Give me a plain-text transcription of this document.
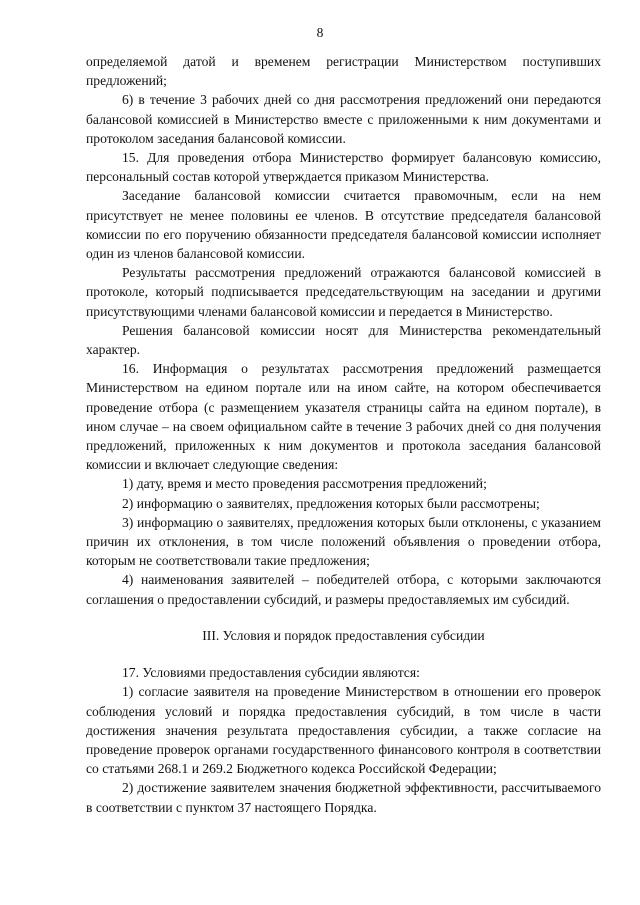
8

определяемой датой и временем регистрации Министерством поступивших предложений;

6) в течение 3 рабочих дней со дня рассмотрения предложений они передаются балансовой комиссией в Министерство вместе с приложенными к ним документами и протоколом заседания балансовой комиссии.

15. Для проведения отбора Министерство формирует балансовую комиссию, персональный состав которой утверждается приказом Министерства.

Заседание балансовой комиссии считается правомочным, если на нем присутствует не менее половины ее членов. В отсутствие председателя балансовой комиссии по его поручению обязанности председателя балансовой комиссии исполняет один из членов балансовой комиссии.

Результаты рассмотрения предложений отражаются балансовой комиссией в протоколе, который подписывается председательствующим на заседании и другими присутствующими членами балансовой комиссии и передается в Министерство.

Решения балансовой комиссии носят для Министерства рекомендательный характер.

16. Информация о результатах рассмотрения предложений размещается Министерством на едином портале или на ином сайте, на котором обеспечивается проведение отбора (с размещением указателя страницы сайта на едином портале), в ином случае – на своем официальном сайте в течение 3 рабочих дней со дня получения предложений, приложенных к ним документов и протокола заседания балансовой комиссии и включает следующие сведения:

1) дату, время и место проведения рассмотрения предложений;

2) информацию о заявителях, предложения которых были рассмотрены;

3) информацию о заявителях, предложения которых были отклонены, с указанием причин их отклонения, в том числе положений объявления о проведении отбора, которым не соответствовали такие предложения;

4) наименования заявителей – победителей отбора, с которыми заключаются соглашения о предоставлении субсидий, и размеры предоставляемых им субсидий.

III. Условия и порядок предоставления субсидии

17. Условиями предоставления субсидии являются:

1) согласие заявителя на проведение Министерством в отношении его проверок соблюдения условий и порядка предоставления субсидий, в том числе в части достижения значения результата предоставления субсидии, а также согласие на проведение проверок органами государственного финансового контроля в соответствии со статьями 268.1 и 269.2 Бюджетного кодекса Российской Федерации;

2) достижение заявителем значения бюджетной эффективности, рассчитываемого в соответствии с пунктом 37 настоящего Порядка.
